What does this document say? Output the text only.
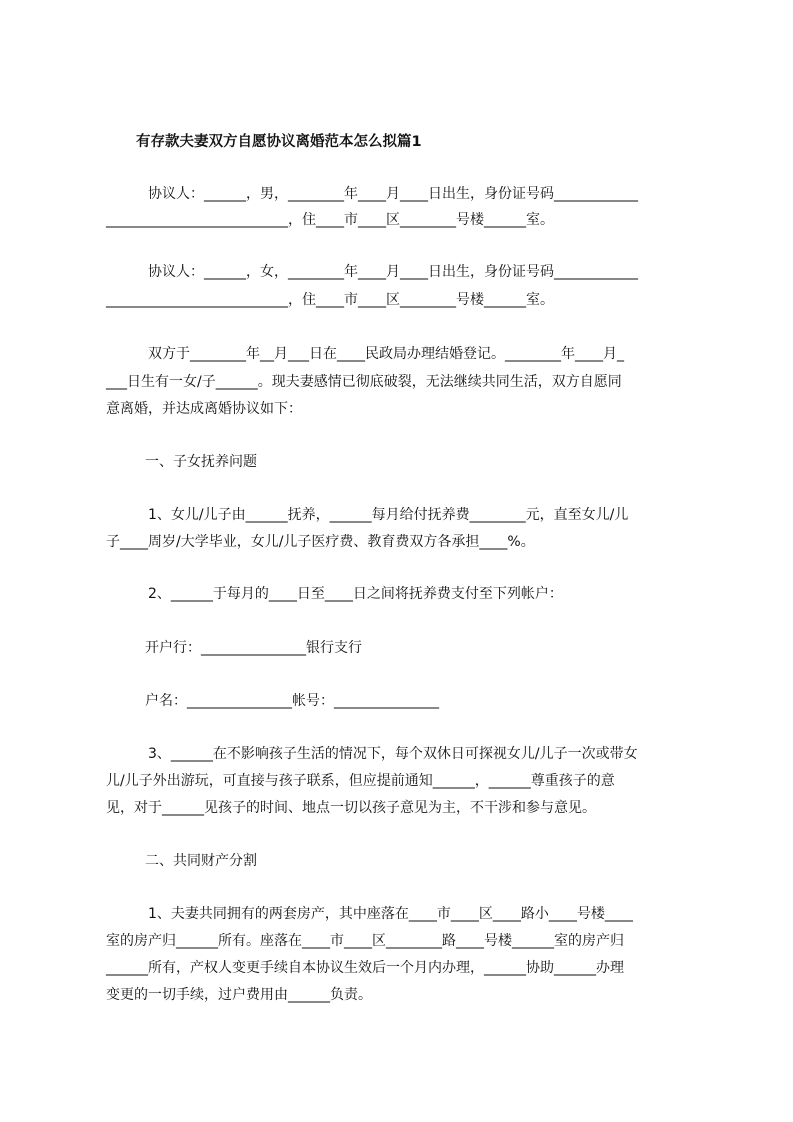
有存款夫妻双方自愿协议离婚范本怎么拟篇1
协议人：______，男，________年____月____日出生，身份证号码____________
__________________________，住____市____区________号楼______室。
协议人：______，女，________年____月____日出生，身份证号码____________
__________________________，住____市____区________号楼______室。
双方于________年__月___日在____民政局办理结婚登记。________年____月_
___日生有一女/子______。现夫妻感情已彻底破裂，无法继续共同生活，双方自愿同
意离婚，并达成离婚协议如下：
一、子女抚养问题
1、女儿/儿子由______抚养，______每月给付抚养费________元，直至女儿/儿
子____周岁/大学毕业，女儿/儿子医疗费、教育费双方各承担____%。
2、______于每月的____日至____日之间将抚养费支付至下列帐户：
开户行：_______________银行支行
户名：_______________帐号：_______________
3、______在不影响孩子生活的情况下，每个双休日可探视女儿/儿子一次或带女
儿/儿子外出游玩，可直接与孩子联系，但应提前通知______，______尊重孩子的意
见，对于______见孩子的时间、地点一切以孩子意见为主，不干涉和参与意见。
二、共同财产分割
1、夫妻共同拥有的两套房产，其中座落在____市____区____路小____号楼____
室的房产归______所有。座落在____市____区________路____号楼______室的房产归
______所有，产权人变更手续自本协议生效后一个月内办理，______协助______办理
变更的一切手续，过户费用由______负责。
